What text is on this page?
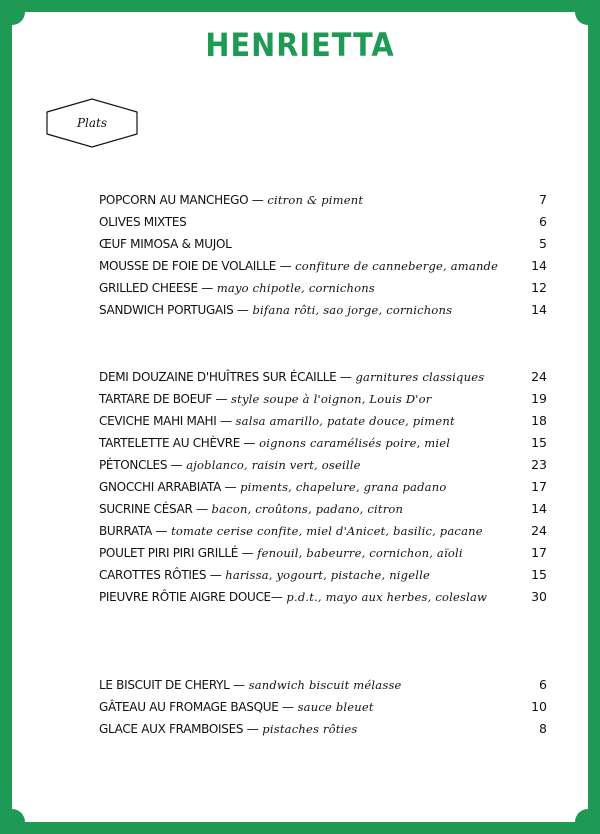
HENRIETTA
Plats
POPCORN AU MANCHEGO — citron & piment	7
OLIVES MIXTES	6
ŒUF MIMOSA & MUJOL	5
MOUSSE DE FOIE DE VOLAILLE — confiture de canneberge, amande	14
GRILLED CHEESE — mayo chipotle, cornichons	12
SANDWICH PORTUGAIS — bifana rôti, sao jorge, cornichons	14
DEMI DOUZAINE D'HUÎTRES SUR ÉCAILLE — garnitures classiques	24
TARTARE DE BOEUF — style soupe à l'oignon, Louis D'or	19
CEVICHE MAHI MAHI — salsa amarillo, patate douce, piment	18
TARTELETTE AU CHÈVRE — oignons caramélisés poire, miel	15
PÉTONCLES — ajoblanco, raisin vert, oseille	23
GNOCCHI ARRABIATA — piments, chapelure, grana padano	17
SUCRINE CÉSAR — bacon, croûtons, padano, citron	14
BURRATA — tomate cerise confite, miel d'Anicet, basilic, pacane	24
POULET PIRI PIRI GRILLÉ — fenouil, babeurre, cornichon, aïoli	17
CAROTTES RÔTIES — harissa, yogourt, pistache, nigelle	15
PIEUVRE RÔTIE AIGRE DOUCE— p.d.t., mayo aux herbes, coleslaw	30
LE BISCUIT DE CHERYL — sandwich biscuit mélasse	6
GÂTEAU AU FROMAGE BASQUE — sauce bleuet	10
GLACE AUX FRAMBOISES — pistaches rôties	8
